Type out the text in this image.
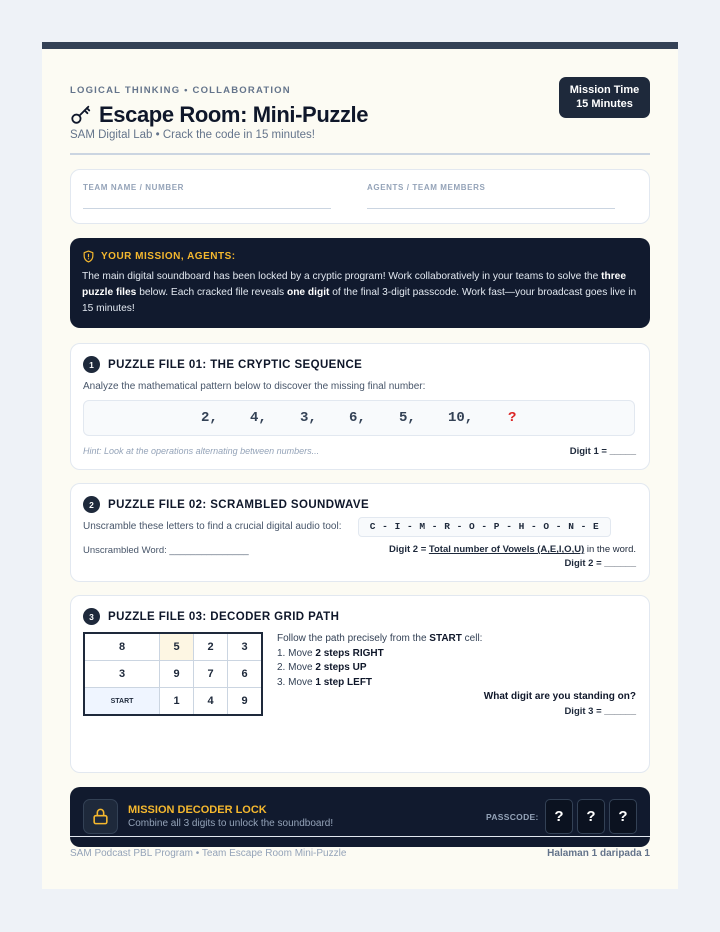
LOGICAL THINKING • COLLABORATION
Escape Room: Mini-Puzzle
SAM Digital Lab • Crack the code in 15 minutes!
Mission Time
15 Minutes
TEAM NAME / NUMBER	AGENTS / TEAM MEMBERS
YOUR MISSION, AGENTS:

The main digital soundboard has been locked by a cryptic program! Work collaboratively in your teams to solve the three puzzle files below. Each cracked file reveals one digit of the final 3-digit passcode. Work fast—your broadcast goes live in 15 minutes!

1	PUZZLE FILE 01: THE CRYPTIC SEQUENCE
Analyze the mathematical pattern below to discover the missing final number:
2, 4, 3, 6, 5, 10, ?
Hint: Look at the operations alternating between numbers...	Digit 1 = _____
2	PUZZLE FILE 02: SCRAMBLED SOUNDWAVE
Unscramble these letters to find a crucial digital audio tool:	C - I - M - R - O - P - H - O - N - E
Unscrambled Word: _______________	Digit 2 = Total number of Vowels (A,E,I,O,U) in the word.
Digit 2 = ______
3	PUZZLE FILE 03: DECODER GRID PATH
8	5	2	3
3	9	7	6
START	1	4	9
Follow the path precisely from the START cell:
1. Move 2 steps RIGHT
2. Move 2 steps UP
3. Move 1 step LEFT
What digit are you standing on?
Digit 3 = ______
MISSION DECODER LOCK
Combine all 3 digits to unlock the soundboard!
PASSCODE:	?	?	?
SAM Podcast PBL Program • Team Escape Room Mini-Puzzle	Halaman 1 daripada 1
